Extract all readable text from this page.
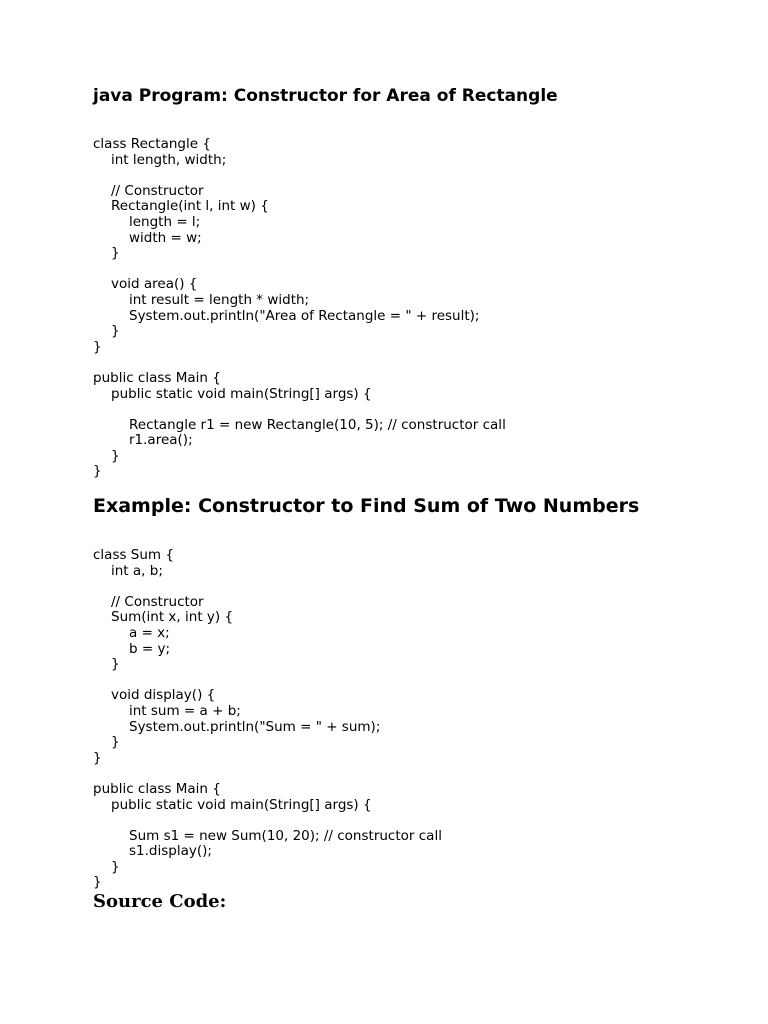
java Program: Constructor for Area of Rectangle
class Rectangle {
int length, width;
// Constructor
Rectangle(int l, int w) {
length = l;
width = w;
}
void area() {
int result = length * width;
System.out.println("Area of Rectangle = " + result);
}
}
public class Main {
public static void main(String[] args) {
Rectangle r1 = new Rectangle(10, 5); // constructor call
r1.area();
}
}
Example: Constructor to Find Sum of Two Numbers
class Sum {
int a, b;
// Constructor
Sum(int x, int y) {
a = x;
b = y;
}
void display() {
int sum = a + b;
System.out.println("Sum = " + sum);
}
}
public class Main {
public static void main(String[] args) {
Sum s1 = new Sum(10, 20); // constructor call
s1.display();
}
}
Source Code:
